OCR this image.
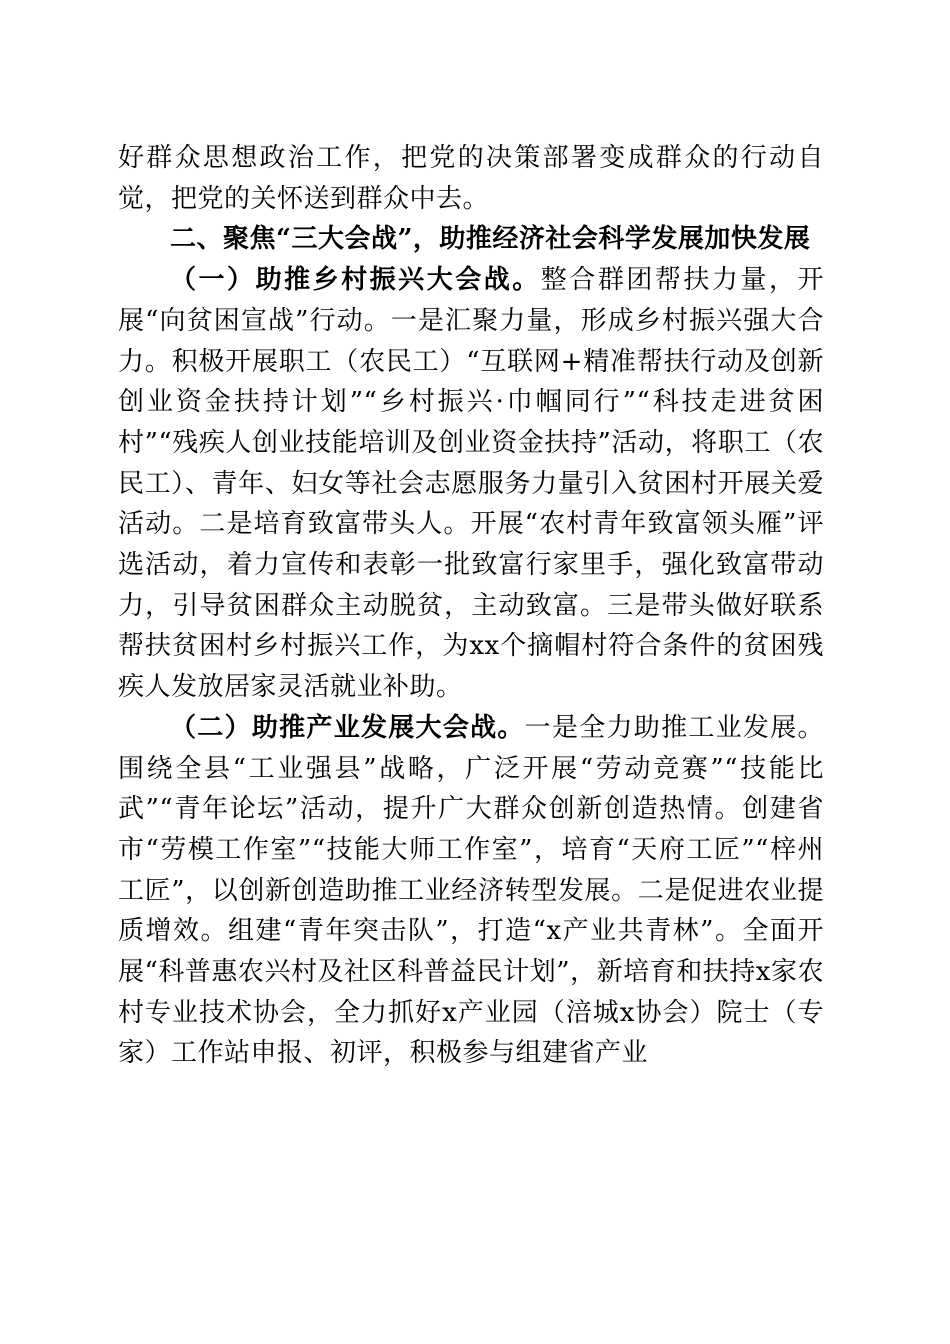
好群众思想政治工作，把党的决策部署变成群众的行动自觉，把党的关怀送到群众中去。

二、聚焦“三大会战”，助推经济社会科学发展加快发展

（一）助推乡村振兴大会战。整合群团帮扶力量，开展“向贫困宣战”行动。一是汇聚力量，形成乡村振兴强大合力。积极开展职工（农民工）“互联网+精准帮扶行动及创新创业资金扶持计划”“乡村振兴·巾帼同行”“科技走进贫困村”“残疾人创业技能培训及创业资金扶持”活动，将职工（农民工）、青年、妇女等社会志愿服务力量引入贫困村开展关爱活动。二是培育致富带头人。开展“农村青年致富领头雁”评选活动，着力宣传和表彰一批致富行家里手，强化致富带动力，引导贫困群众主动脱贫，主动致富。三是带头做好联系帮扶贫困村乡村振兴工作，为xx个摘帽村符合条件的贫困残疾人发放居家灵活就业补助。

（二）助推产业发展大会战。一是全力助推工业发展。围绕全县“工业强县”战略，广泛开展“劳动竞赛”“技能比武”“青年论坛”活动，提升广大群众创新创造热情。创建省市“劳模工作室”“技能大师工作室”，培育“天府工匠”“梓州工匠”，以创新创造助推工业经济转型发展。二是促进农业提质增效。组建“青年突击队”，打造“x产业共青林”。全面开展“科普惠农兴村及社区科普益民计划”，新培育和扶持x家农村专业技术协会，全力抓好x产业园（涪城x协会）院士（专家）工作站申报、初评，积极参与组建省产业
